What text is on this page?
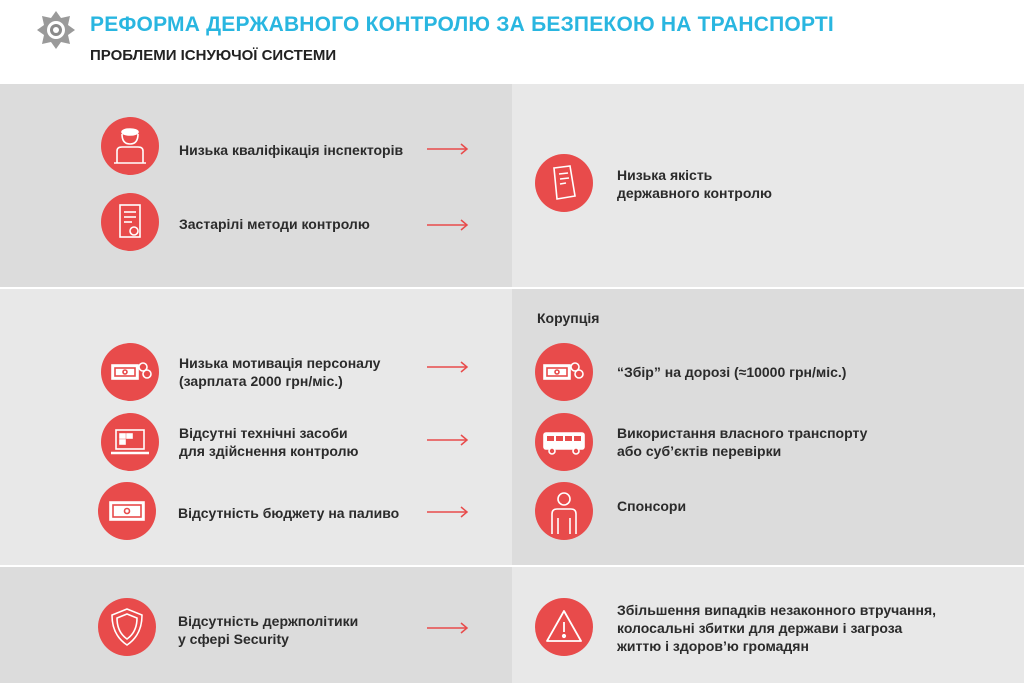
РЕФОРМА ДЕРЖАВНОГО КОНТРОЛЮ ЗА БЕЗПЕКОЮ НА ТРАНСПОРТІ
ПРОБЛЕМИ ІСНУЮЧОЇ СИСТЕМИ
Низька кваліфікація інспекторів
Застарілі методи контролю
Низька якість
державного контролю
Корупція
Низька мотивація персоналу
(зарплата 2000 грн/міс.)
Відсутні технічні засоби
для здійснення контролю
Відсутність бюджету на паливо
“Збір” на дорозі (≈10000 грн/міс.)
Використання власного транспорту
або суб’єктів перевірки
Спонсори
Відсутність держполітики
у сфері Security
Збільшення випадків незаконного втручання,
колосальні збитки для держави і загроза
життю і здоров’ю громадян
